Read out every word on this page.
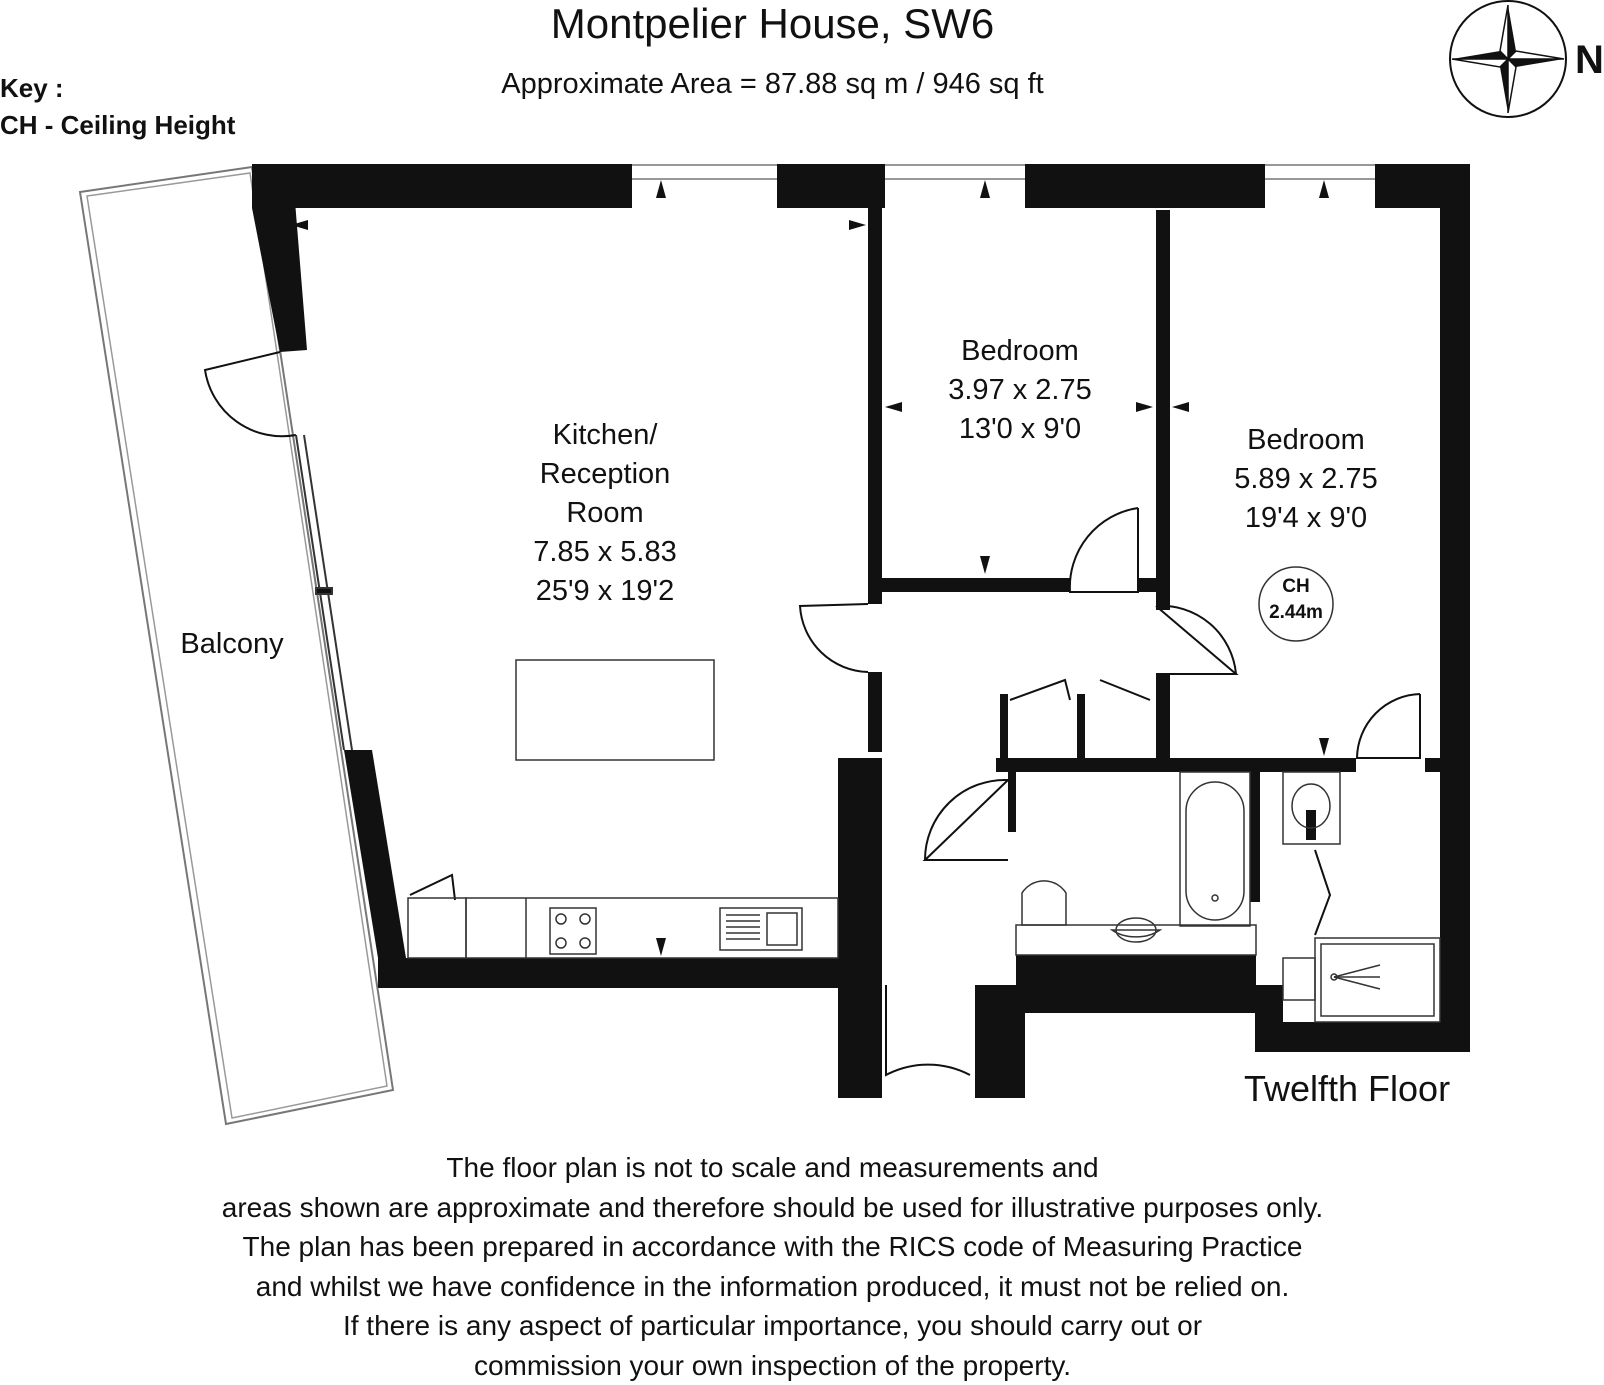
Montpelier House, SW6
Approximate Area = 87.88 sq m / 946 sq ft
Key :
CH - Ceiling Height
N
Kitchen/
Reception
Room
7.85 x 5.83
25'9 x 19'2
Bedroom
3.97 x 2.75
13'0 x 9'0	Bedroom
5.89 x 2.75
19'4 x 9'0
Balcony
CH
2.44m
Twelfth Floor
The floor plan is not to scale and measurements and
areas shown are approximate and therefore should be used for illustrative purposes only.
The plan has been prepared in accordance with the RICS code of Measuring Practice
and whilst we have confidence in the information produced, it must not be relied on.
If there is any aspect of particular importance, you should carry out or
commission your own inspection of the property.
